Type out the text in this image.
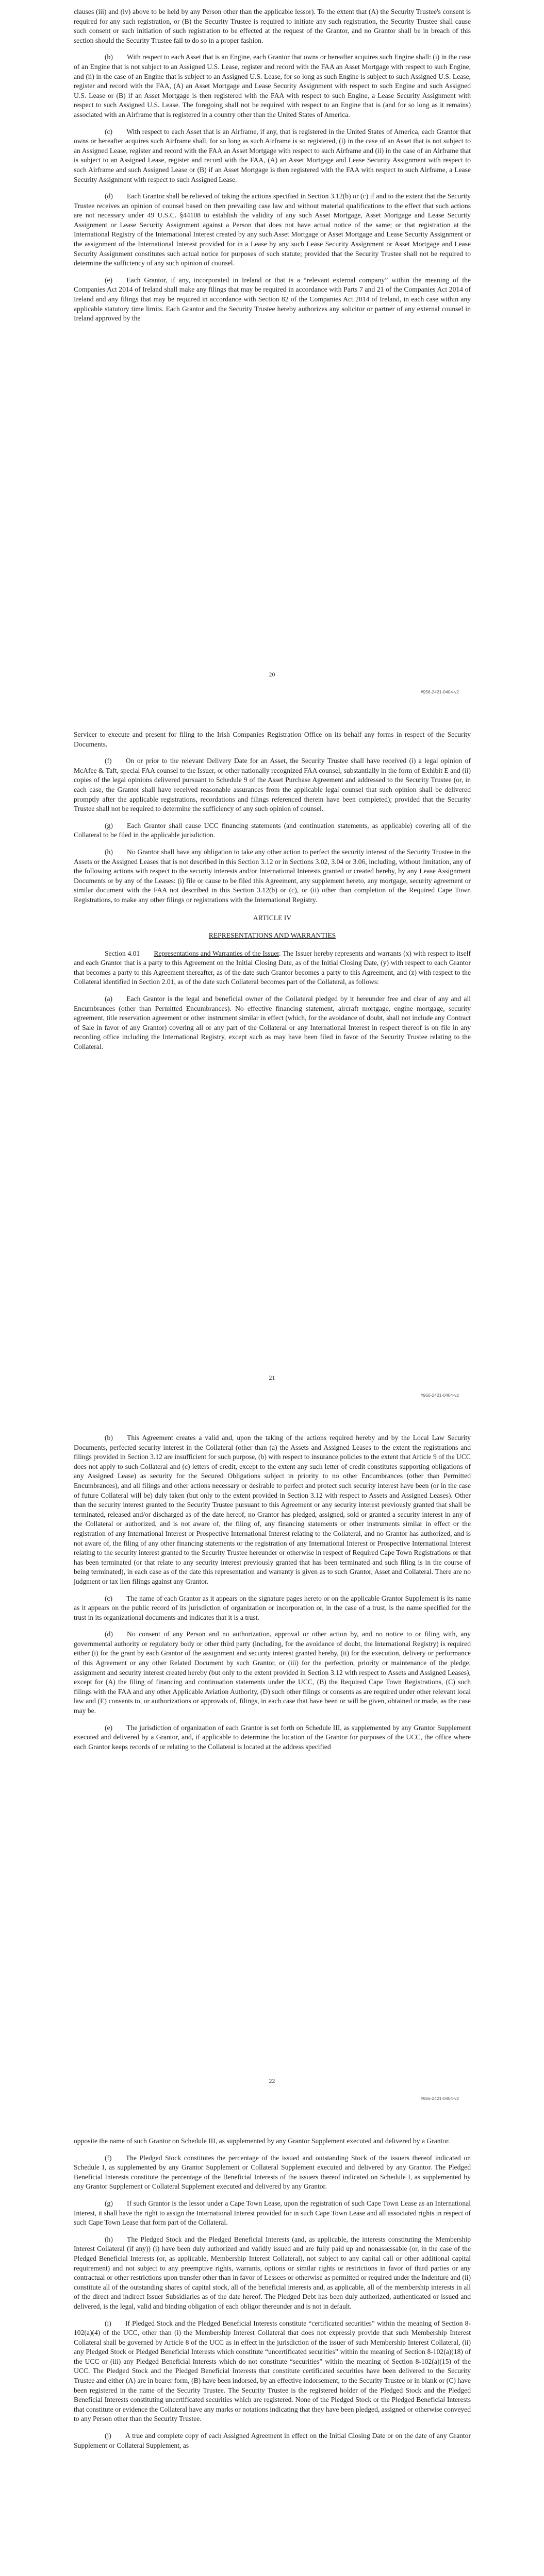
clauses (iii) and (iv) above to be held by any Person other than the applicable lessor). To the extent that (A) the Security Trustee's consent is required for any such registration, or (B) the Security Trustee is required to initiate any such registration, the Security Trustee shall cause such consent or such initiation of such registration to be effected at the request of the Grantor, and no Grantor shall be in breach of this section should the Security Trustee fail to do so in a proper fashion.

(b)  With respect to each Asset that is an Engine, each Grantor that owns or hereafter acquires such Engine shall: (i) in the case of an Engine that is not subject to an Assigned U.S. Lease, register and record with the FAA an Asset Mortgage with respect to such Engine, and (ii) in the case of an Engine that is subject to an Assigned U.S. Lease, for so long as such Engine is subject to such Assigned U.S. Lease, register and record with the FAA, (A) an Asset Mortgage and Lease Security Assignment with respect to such Engine and such Assigned U.S. Lease or (B) if an Asset Mortgage is then registered with the FAA with respect to such Engine, a Lease Security Assignment with respect to such Assigned U.S. Lease. The foregoing shall not be required with respect to an Engine that is (and for so long as it remains) associated with an Airframe that is registered in a country other than the United States of America.

(c)  With respect to each Asset that is an Airframe, if any, that is registered in the United States of America, each Grantor that owns or hereafter acquires such Airframe shall, for so long as such Airframe is so registered, (i) in the case of an Asset that is not subject to an Assigned Lease, register and record with the FAA an Asset Mortgage with respect to such Airframe and (ii) in the case of an Airframe that is subject to an Assigned Lease, register and record with the FAA, (A) an Asset Mortgage and Lease Security Assignment with respect to such Airframe and such Assigned Lease or (B) if an Asset Mortgage is then registered with the FAA with respect to such Airframe, a Lease Security Assignment with respect to such Assigned Lease.

(d)  Each Grantor shall be relieved of taking the actions specified in Section 3.12(b) or (c) if and to the extent that the Security Trustee receives an opinion of counsel based on then prevailing case law and without material qualifications to the effect that such actions are not necessary under 49 U.S.C. §44108 to establish the validity of any such Asset Mortgage, Asset Mortgage and Lease Security Assignment or Lease Security Assignment against a Person that does not have actual notice of the same; or that registration at the International Registry of the International Interest created by any such Asset Mortgage or Asset Mortgage and Lease Security Assignment or the assignment of the International Interest provided for in a Lease by any such Lease Security Assignment or Asset Mortgage and Lease Security Assignment constitutes such actual notice for purposes of such statute; provided that the Security Trustee shall not be required to determine the sufficiency of any such opinion of counsel.

(e)  Each Grantor, if any, incorporated in Ireland or that is a “relevant external company” within the meaning of the Companies Act 2014 of Ireland shall make any filings that may be required in accordance with Parts 7 and 21 of the Companies Act 2014 of Ireland and any filings that may be required in accordance with Section 82 of the Companies Act 2014 of Ireland, in each case within any applicable statutory time limits. Each Grantor and the Security Trustee hereby authorizes any solicitor or partner of any external counsel in Ireland approved by the

20
#956-2421-0404-v2

Servicer to execute and present for filing to the Irish Companies Registration Office on its behalf any forms in respect of the Security Documents.

(f)  On or prior to the relevant Delivery Date for an Asset, the Security Trustee shall have received (i) a legal opinion of McAfee & Taft, special FAA counsel to the Issuer, or other nationally recognized FAA counsel, substantially in the form of Exhibit E and (ii) copies of the legal opinions delivered pursuant to Schedule 9 of the Asset Purchase Agreement and addressed to the Security Trustee (or, in each case, the Grantor shall have received reasonable assurances from the applicable legal counsel that such opinion shall be delivered promptly after the applicable registrations, recordations and filings referenced therein have been completed); provided that the Security Trustee shall not be required to determine the sufficiency of any such opinion of counsel.

(g)  Each Grantor shall cause UCC financing statements (and continuation statements, as applicable) covering all of the Collateral to be filed in the applicable jurisdiction.

(h)  No Grantor shall have any obligation to take any other action to perfect the security interest of the Security Trustee in the Assets or the Assigned Leases that is not described in this Section 3.12 or in Sections 3.02, 3.04 or 3.06, including, without limitation, any of the following actions with respect to the security interests and/or International Interests granted or created hereby, by any Lease Assignment Documents or by any of the Leases: (i) file or cause to be filed this Agreement, any supplement hereto, any mortgage, security agreement or similar document with the FAA not described in this Section 3.12(b) or (c), or (ii) other than completion of the Required Cape Town Registrations, to make any other filings or registrations with the International Registry.

ARTICLE IV

REPRESENTATIONS AND WARRANTIES

Section 4.01   Representations and Warranties of the Issuer. The Issuer hereby represents and warrants (x) with respect to itself and each Grantor that is a party to this Agreement on the Initial Closing Date, as of the Initial Closing Date, (y) with respect to each Grantor that becomes a party to this Agreement thereafter, as of the date such Grantor becomes a party to this Agreement, and (z) with respect to the Collateral identified in Section 2.01, as of the date such Collateral becomes part of the Collateral, as follows:

(a)  Each Grantor is the legal and beneficial owner of the Collateral pledged by it hereunder free and clear of any and all Encumbrances (other than Permitted Encumbrances). No effective financing statement, aircraft mortgage, engine mortgage, security agreement, title reservation agreement or other instrument similar in effect (which, for the avoidance of doubt, shall not include any Contract of Sale in favor of any Grantor) covering all or any part of the Collateral or any International Interest in respect thereof is on file in any recording office including the International Registry, except such as may have been filed in favor of the Security Trustee relating to the Collateral.

21
#956-2421-0404-v2

(b)  This Agreement creates a valid and, upon the taking of the actions required hereby and by the Local Law Security Documents, perfected security interest in the Collateral (other than (a) the Assets and Assigned Leases to the extent the registrations and filings provided in Section 3.12 are insufficient for such purpose, (b) with respect to insurance policies to the extent that Article 9 of the UCC does not apply to such Collateral and (c) letters of credit, except to the extent any such letter of credit constitutes supporting obligations of any Assigned Lease) as security for the Secured Obligations subject in priority to no other Encumbrances (other than Permitted Encumbrances), and all filings and other actions necessary or desirable to perfect and protect such security interest have been (or in the case of future Collateral will be) duly taken (but only to the extent provided in Section 3.12 with respect to Assets and Assigned Leases). Other than the security interest granted to the Security Trustee pursuant to this Agreement or any security interest previously granted that shall be terminated, released and/or discharged as of the date hereof, no Grantor has pledged, assigned, sold or granted a security interest in any of the Collateral or authorized, and is not aware of, the filing of, any financing statements or other instruments similar in effect or the registration of any International Interest or Prospective International Interest relating to the Collateral, and no Grantor has authorized, and is not aware of, the filing of any other financing statements or the registration of any International Interest or Prospective International Interest relating to the security interest granted to the Security Trustee hereunder or otherwise in respect of Required Cape Town Registrations or that has been terminated (or that relate to any security interest previously granted that has been terminated and such filing is in the course of being terminated), in each case as of the date this representation and warranty is given as to such Grantor, Asset and Collateral. There are no judgment or tax lien filings against any Grantor.

(c)  The name of each Grantor as it appears on the signature pages hereto or on the applicable Grantor Supplement is its name as it appears on the public record of its jurisdiction of organization or incorporation or, in the case of a trust, is the name specified for the trust in its organizational documents and indicates that it is a trust.

(d)  No consent of any Person and no authorization, approval or other action by, and no notice to or filing with, any governmental authority or regulatory body or other third party (including, for the avoidance of doubt, the International Registry) is required either (i) for the grant by each Grantor of the assignment and security interest granted hereby, (ii) for the execution, delivery or performance of this Agreement or any other Related Document by such Grantor, or (iii) for the perfection, priority or maintenance of the pledge, assignment and security interest created hereby (but only to the extent provided in Section 3.12 with respect to Assets and Assigned Leases), except for (A) the filing of financing and continuation statements under the UCC, (B) the Required Cape Town Registrations, (C) such filings with the FAA and any other Applicable Aviation Authority, (D) such other filings or consents as are required under other relevant local law and (E) consents to, or authorizations or approvals of, filings, in each case that have been or will be given, obtained or made, as the case may be.

(e)  The jurisdiction of organization of each Grantor is set forth on Schedule III, as supplemented by any Grantor Supplement executed and delivered by a Grantor, and, if applicable to determine the location of the Grantor for purposes of the UCC, the office where each Grantor keeps records of or relating to the Collateral is located at the address specified

22
#956-2421-0404-v2

opposite the name of such Grantor on Schedule III, as supplemented by any Grantor Supplement executed and delivered by a Grantor.

(f)  The Pledged Stock constitutes the percentage of the issued and outstanding Stock of the issuers thereof indicated on Schedule I, as supplemented by any Grantor Supplement or Collateral Supplement executed and delivered by any Grantor. The Pledged Beneficial Interests constitute the percentage of the Beneficial Interests of the issuers thereof indicated on Schedule I, as supplemented by any Grantor Supplement or Collateral Supplement executed and delivered by any Grantor.

(g)  If such Grantor is the lessor under a Cape Town Lease, upon the registration of such Cape Town Lease as an International Interest, it shall have the right to assign the International Interest provided for in such Cape Town Lease and all associated rights in respect of such Cape Town Lease that form part of the Collateral.

(h)  The Pledged Stock and the Pledged Beneficial Interests (and, as applicable, the interests constituting the Membership Interest Collateral (if any)) (i) have been duly authorized and validly issued and are fully paid up and nonassessable (or, in the case of the Pledged Beneficial Interests (or, as applicable, Membership Interest Collateral), not subject to any capital call or other additional capital requirement) and not subject to any preemptive rights, warrants, options or similar rights or restrictions in favor of third parties or any contractual or other restrictions upon transfer other than in favor of Lessees or otherwise as permitted or required under the Indenture and (ii) constitute all of the outstanding shares of capital stock, all of the beneficial interests and, as applicable, all of the membership interests in all of the direct and indirect Issuer Subsidiaries as of the date hereof. The Pledged Debt has been duly authorized, authenticated or issued and delivered, is the legal, valid and binding obligation of each obligor thereunder and is not in default.

(i)  If Pledged Stock and the Pledged Beneficial Interests constitute “certificated securities” within the meaning of Section 8-102(a)(4) of the UCC, other than (i) the Membership Interest Collateral that does not expressly provide that such Membership Interest Collateral shall be governed by Article 8 of the UCC as in effect in the jurisdiction of the issuer of such Membership Interest Collateral, (ii) any Pledged Stock or Pledged Beneficial Interests which constitute “uncertificated securities” within the meaning of Section 8-102(a)(18) of the UCC or (iii) any Pledged Beneficial Interests which do not constitute “securities” within the meaning of Section 8-102(a)(15) of the UCC. The Pledged Stock and the Pledged Beneficial Interests that constitute certificated securities have been delivered to the Security Trustee and either (A) are in bearer form, (B) have been indorsed, by an effective indorsement, to the Security Trustee or in blank or (C) have been registered in the name of the Security Trustee. The Security Trustee is the registered holder of the Pledged Stock and the Pledged Beneficial Interests constituting uncertificated securities which are registered. None of the Pledged Stock or the Pledged Beneficial Interests that constitute or evidence the Collateral have any marks or notations indicating that they have been pledged, assigned or otherwise conveyed to any Person other than the Security Trustee.

(j)  A true and complete copy of each Assigned Agreement in effect on the Initial Closing Date or on the date of any Grantor Supplement or Collateral Supplement, as
